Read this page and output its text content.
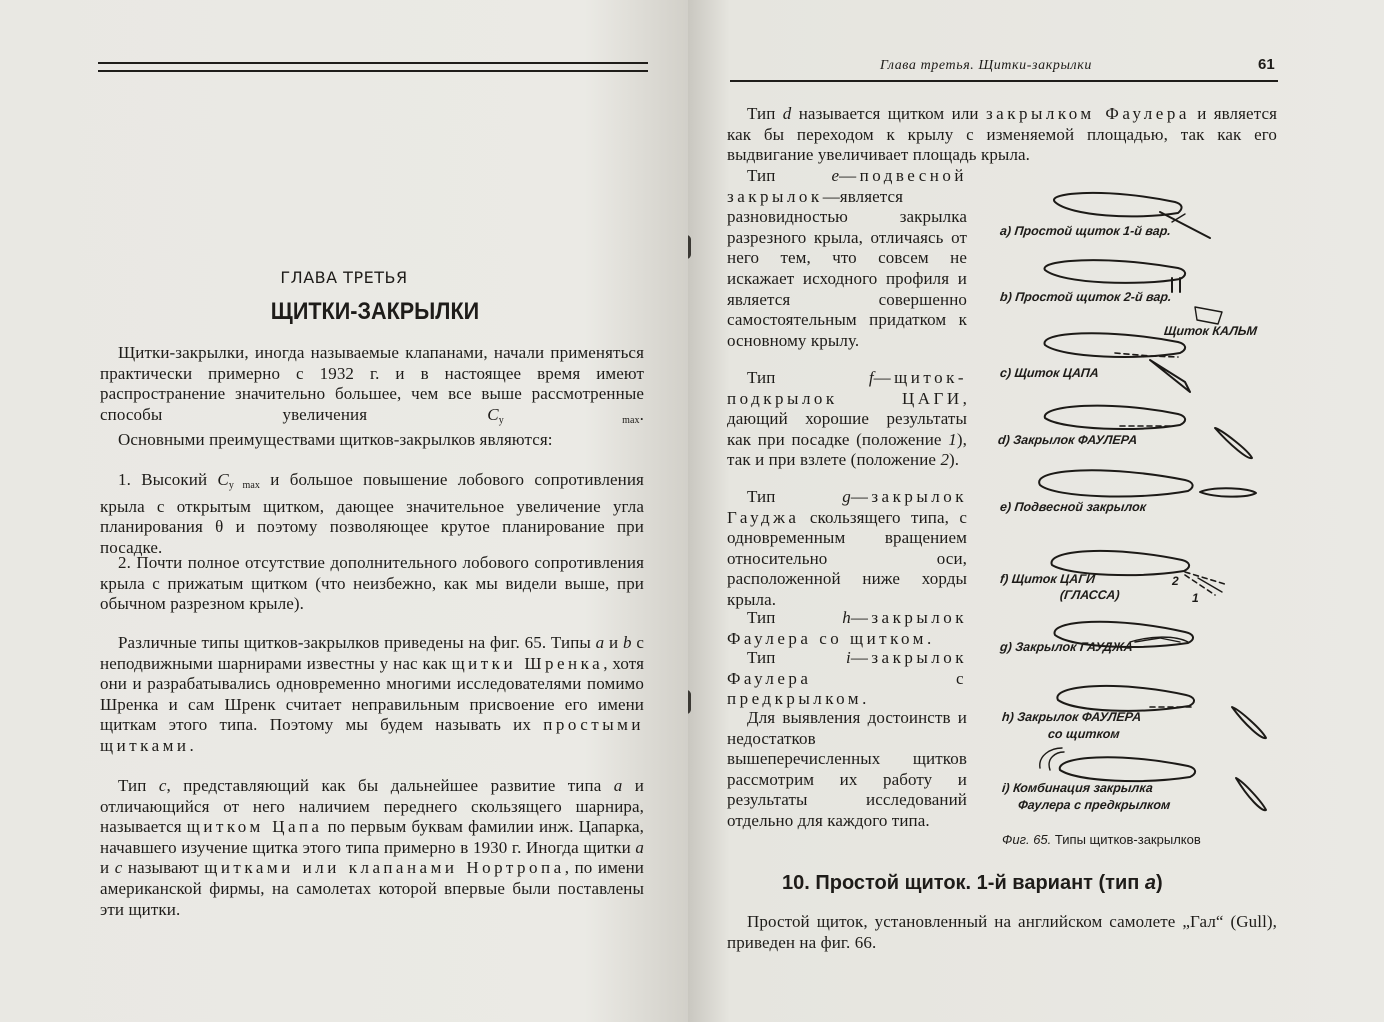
ГЛАВА ТРЕТЬЯ
ЩИТКИ-ЗАКРЫЛКИ

Щитки-закрылки, иногда называемые клапанами, начали применяться практически примерно с 1932 г. и в настоящее время имеют распространение значительно большее, чем все выше рассмотренные способы увеличения $C_{y max}$.

Основными преимуществами щитков-закрылков являются:

1. Высокий $C_{y max}$ и большое повышение лобового сопротивления крыла с открытым щитком, дающее значительное увеличение угла планирования θ и поэтому позволяющее крутое планирование при посадке.

2. Почти полное отсутствие дополнительного лобового сопротивления крыла с прижатым щитком (что неизбежно, как мы видели выше, при обычном разрезном крыле).

Различные типы щитков-закрылков приведены на фиг. 65. Типы a и b с неподвижными шарнирами известны у нас как щитки Шренка, хотя они и разрабатывались одновременно многими исследователями помимо Шренка и сам Шренк считает неправильным присвоение его имени щиткам этого типа. Поэтому мы будем называть их простыми щитками.

Тип c, представляющий как бы дальнейшее развитие типа a и отличающийся от него наличием переднего скользящего шарнира, называется щитком Цапа по первым буквам фамилии инж. Цапарка, начавшего изучение щитка этого типа примерно в 1930 г. Иногда щитки a и c называют щитками или клапанами Нортропа, по имени американской фирмы, на самолетах которой впервые были поставлены эти щитки.

Глава третья. Щитки-закрылки	61

Тип d называется щитком или закрылком Фаулера и является как бы переходом к крылу с изменяемой площадью, так как его выдвигание увеличивает площадь крыла.

Тип e—подвесной закрылок—является разновидностью закрылка разрезного крыла, отличаясь от него тем, что совсем не искажает исходного профиля и является совершенно самостоятельным придатком к основному крылу.

Тип f—щиток-подкрылок ЦАГИ, дающий хорошие результаты как при посадке (положение 1), так и при взлете (положение 2).

Тип g—закрылок Гауджа скользящего типа, с одновременным вращением относительно оси, расположенной ниже хорды крыла.

Тип h—закрылок Фаулера со щитком.

Тип i—закрылок Фаулера с предкрылком.

Для выявления достоинств и недостатков вышеперечисленных щитков рассмотрим их работу и результаты исследований отдельно для каждого типа.

2
1
a) Простой щиток 1-й вар.
b) Простой щиток 2-й вар.
Щиток КАЛЬМ
c) Щиток ЦАПА
d) Закрылок ФАУЛЕРА
e) Подвесной закрылок
f) Щиток ЦАГИ
(ГЛАССА)
g) Закрылок ГАУДЖА
h) Закрылок ФАУЛЕРА
со щитком
i) Комбинация закрылка
Фаулера с предкрылком

Фиг. 65. Типы щитков-закрылков

10. Простой щиток. 1-й вариант (тип a)

Простой щиток, установленный на английском самолете „Гал“ (Gull), приведен на фиг. 66.
